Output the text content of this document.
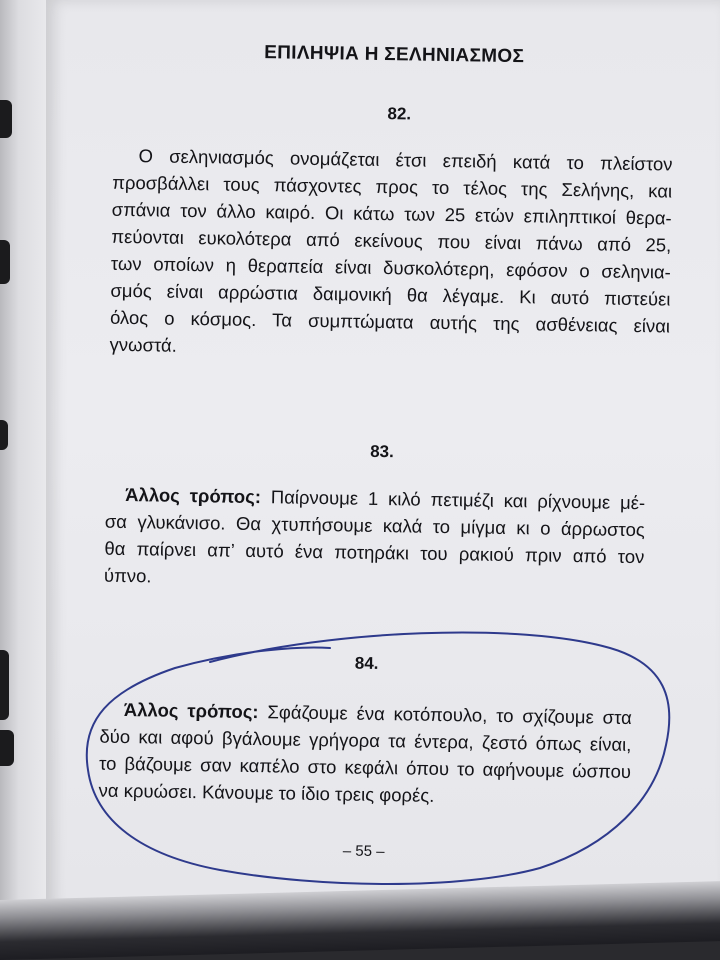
ΕΠΙΛΗΨΙΑ Η ΣΕΛΗΝΙΑΣΜΟΣ
82.
Ο σεληνιασμός ονομάζεται έτσι επειδή κατά το πλείστον
προσβάλλει τους πάσχοντες προς το τέλος της Σελήνης, και
σπάνια τον άλλο καιρό. Οι κάτω των 25 ετών επιληπτικοί θερα-
πεύονται ευκολότερα από εκείνους που είναι πάνω από 25,
των οποίων η θεραπεία είναι δυσκολότερη, εφόσον ο σεληνια-
σμός είναι αρρώστια δαιμονική θα λέγαμε. Κι αυτό πιστεύει
όλος ο κόσμος. Τα συμπτώματα αυτής της ασθένειας είναι
γνωστά.
83.
Άλλος τρόπος: Παίρνουμε 1 κιλό πετιμέζι και ρίχνουμε μέ-
σα γλυκάνισο. Θα χτυπήσουμε καλά το μίγμα κι ο άρρωστος
θα παίρνει απ’ αυτό ένα ποτηράκι του ρακιού πριν από τον
ύπνο.
84.
Άλλος τρόπος: Σφάζουμε ένα κοτόπουλο, το σχίζουμε στα
δύο και αφού βγάλουμε γρήγορα τα έντερα, ζεστό όπως είναι,
το βάζουμε σαν καπέλο στο κεφάλι όπου το αφήνουμε ώσπου
να κρυώσει. Κάνουμε το ίδιο τρεις φορές.
– 55 –
